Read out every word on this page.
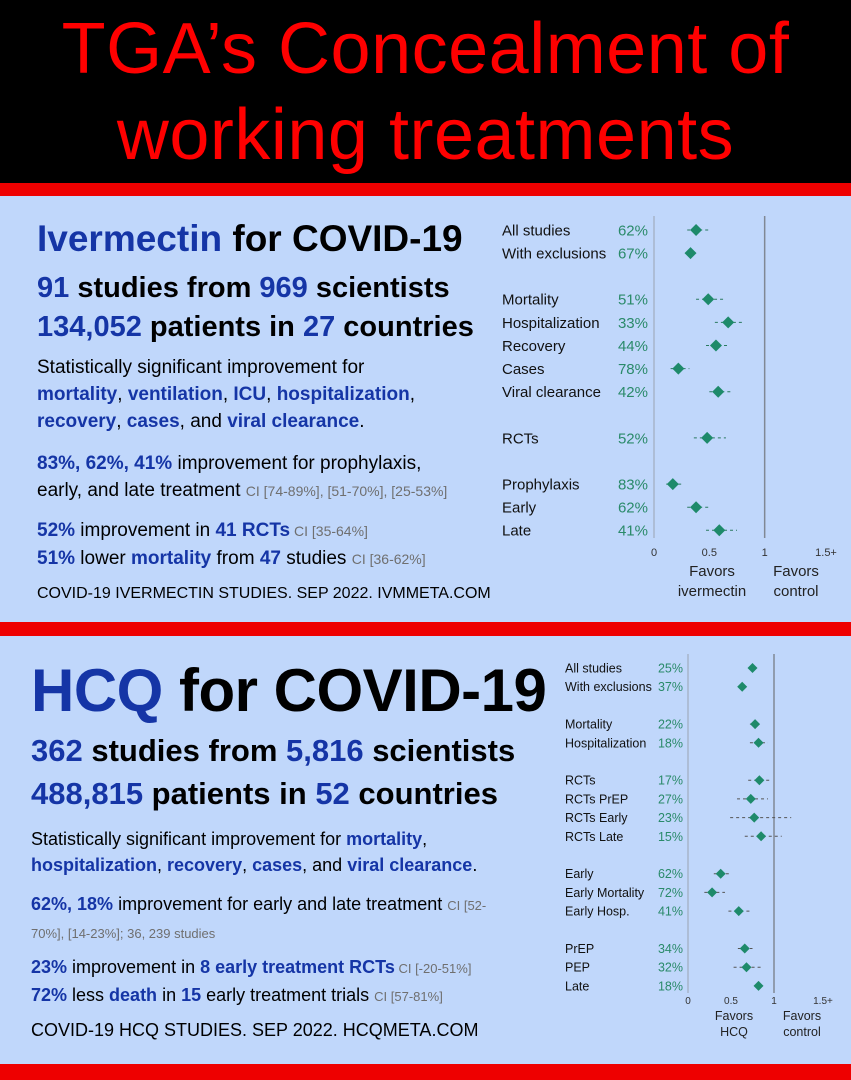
TGA’s Concealment of
working treatments
Ivermectin for COVID-19
91 studies from 969 scientists
134,052 patients in 27 countries
Statistically significant improvement for
mortality, ventilation, ICU, hospitalization,
recovery, cases, and viral clearance.
83%, 62%, 41% improvement for prophylaxis,
early, and late treatment CI [74-89%], [51-70%], [25-53%]
52% improvement in 41 RCTs CI [35-64%]
51% lower mortality from 47 studies CI [36-62%]
COVID-19 IVERMECTIN STUDIES. SEP 2022. IVMMETA.COM
All studies	62%
With exclusions 67%
Mortality	51%
Hospitalization 33%
Recovery	44%
Cases	78%
Viral clearance 42%
RCTs	52%
Prophylaxis	83%
Early	62%
Late	41%
0	0.5	1	1.5+
Favors
ivermectin
Favors
control
HCQ for COVID-19
362 studies from 5,816 scientists
488,815 patients in 52 countries
Statistically significant improvement for mortality,
hospitalization, recovery, cases, and viral clearance.
62%, 18% improvement for early and late treatment CI [52-
70%], [14-23%]; 36, 239 studies
23% improvement in 8 early treatment RCTs CI [-20-51%]
72% less death in 15 early treatment trials CI [57-81%]
COVID-19 HCQ STUDIES. SEP 2022. HCQMETA.COM
All studies	25%
With exclusions 37%
Mortality	22%
Hospitalization 18%
RCTs	17%
RCTs PrEP 27%
RCTs Early 23%
RCTs Late	15%
Early	62%
Early Mortality 72%
Early Hosp. 41%
PrEP	34%
PEP	32%
Late	18%
0	0.5	1	1.5+
Favors
HCQ
Favors
control
